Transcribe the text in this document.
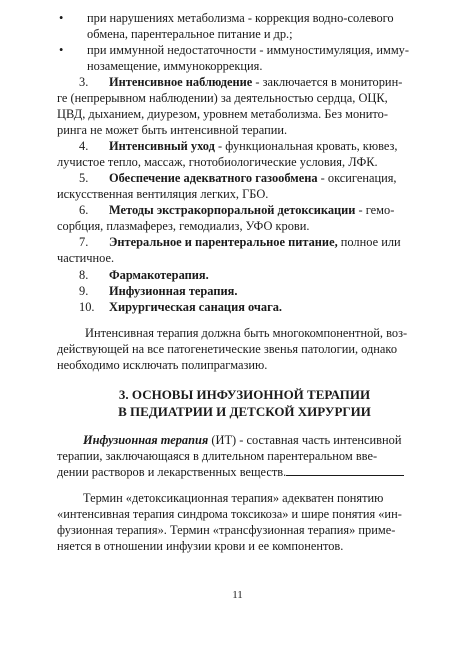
•	при нарушениях метаболизма - коррекция водно-солевого
обмена, парентеральное питание и др.;
•	при иммунной недостаточности - иммуностимуляция, имму-
нозамещение, иммунокоррекция.
3. Интенсивное наблюдение - заключается в мониторин-
ге (непрерывном наблюдении) за деятельностью сердца, ОЦК,
ЦВД, дыханием, диурезом, уровнем метаболизма. Без монито-
ринга не может быть интенсивной терапии.
4. Интенсивный уход - функциональная кровать, кювез,
лучистое тепло, массаж, гнотобиологические условия, ЛФК.
5. Обеспечение адекватного газообмена - оксигенация,
искусственная вентиляция легких, ГБО.
6. Методы экстракорпоральной детоксикации - гемо-
сорбция, плазмаферез, гемодиализ, УФО крови.
7. Энтеральное и парентеральное питание, полное или
частичное.
8. Фармакотерапия.
9. Инфузионная терапия.
10. Хирургическая санация очага.
Интенсивная терапия должна быть многокомпонентной, воз-
действующей на все патогенетические звенья патологии, однако
необходимо исключать полипрагмазию.
3. ОСНОВЫ ИНФУЗИОННОЙ ТЕРАПИИ
В ПЕДИАТРИИ И ДЕТСКОЙ ХИРУРГИИ
Инфузионная терапия (ИТ) - составная часть интенсивной
терапии, заключающаяся в длительном парентеральном вве-
дении растворов и лекарственных веществ.
Термин «детоксикационная терапия» адекватен понятию
«интенсивная терапия синдрома токсикоза» и шире понятия «ин-
фузионная терапия». Термин «трансфузионная терапия» приме-
няется в отношении инфузии крови и ее компонентов.
11
